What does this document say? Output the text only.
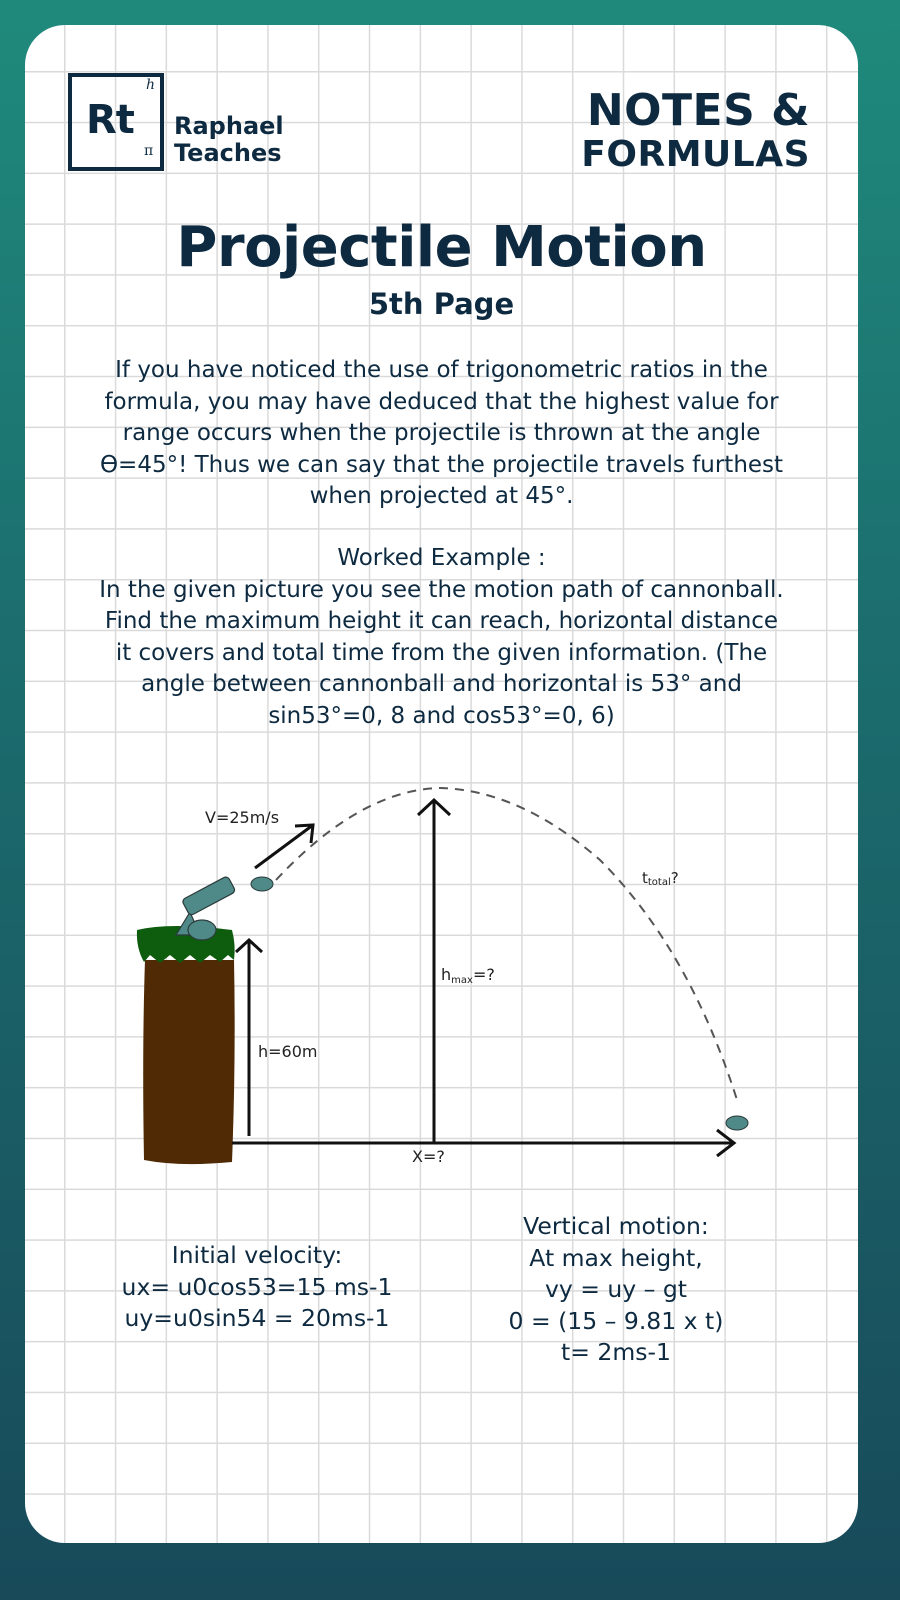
Rt
h
π
Raphael
Teaches
NOTES &
FORMULAS
Projectile Motion
5th Page
If you have noticed the use of trigonometric ratios in the
formula, you may have deduced that the highest value for
range occurs when the projectile is thrown at the angle
ϴ=45°! Thus we can say that the projectile travels furthest
when projected at 45°.
Worked Example :
In the given picture you see the motion path of cannonball.
Find the maximum height it can reach, horizontal distance
it covers and total time from the given information. (The
angle between cannonball and horizontal is 53° and
sin53°=0, 8 and cos53°=0, 6)
V=25m/s
h=60m
hmax=?
X=?
ttotal?
Initial velocity:
ux= u0cos53=15 ms-1
uy=u0sin54 = 20ms-1
Vertical motion:
At max height,
vy = uy – gt
0 = (15 – 9.81 x t)
t= 2ms-1
